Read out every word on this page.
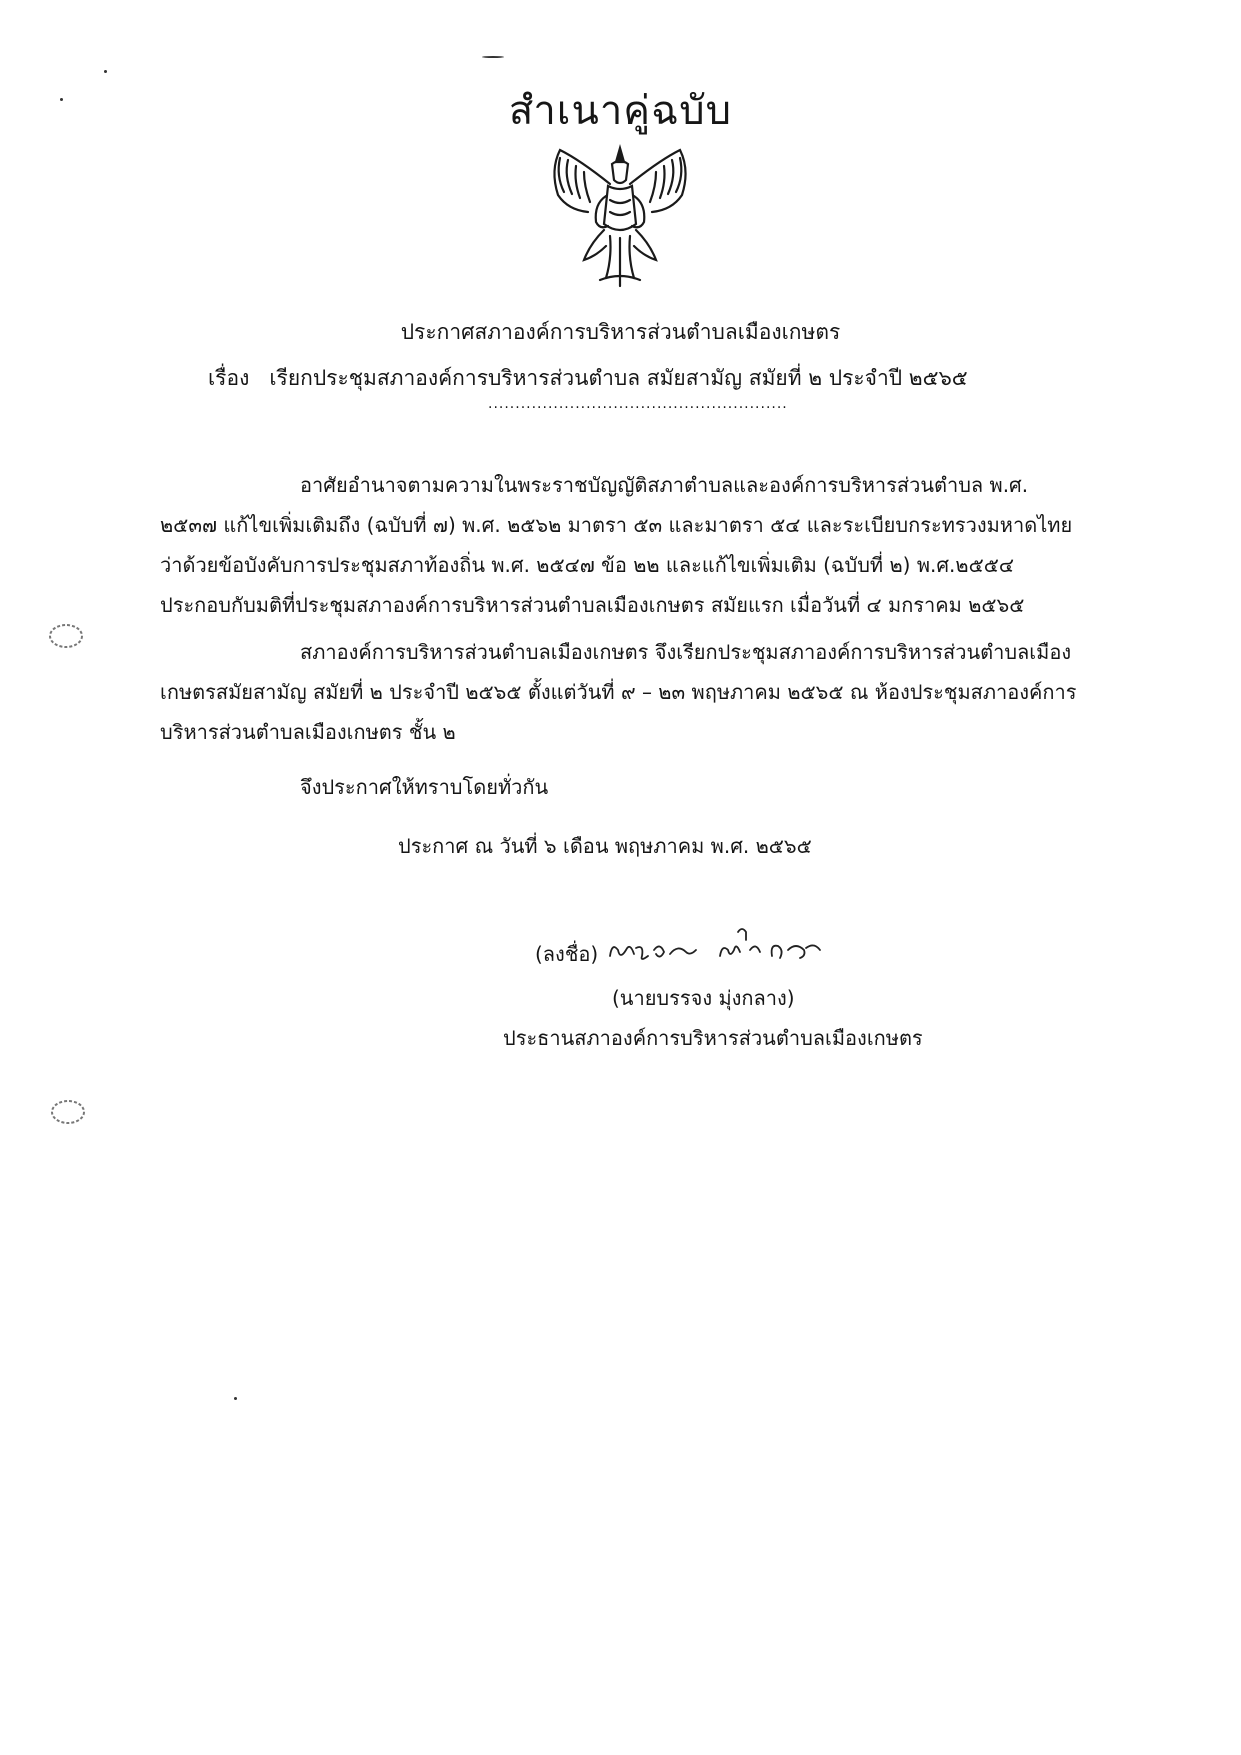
สำเนาคู่ฉบับ
ประกาศสภาองค์การบริหารส่วนตำบลเมืองเกษตร
เรื่อง เรียกประชุมสภาองค์การบริหารส่วนตำบล สมัยสามัญ สมัยที่ ๒ ประจำปี ๒๕๖๕
.......................................................
อาศัยอำนาจตามความในพระราชบัญญัติสภาตำบลและองค์การบริหารส่วนตำบล พ.ศ. ๒๕๓๗ แก้ไขเพิ่มเติมถึง (ฉบับที่ ๗) พ.ศ. ๒๕๖๒ มาตรา ๕๓ และมาตรา ๕๔ และระเบียบกระทรวงมหาดไทยว่าด้วยข้อบังคับการประชุมสภาท้องถิ่น พ.ศ. ๒๕๔๗ ข้อ ๒๒ และแก้ไขเพิ่มเติม (ฉบับที่ ๒) พ.ศ.๒๕๕๔ ประกอบกับมติที่ประชุมสภาองค์การบริหารส่วนตำบลเมืองเกษตร สมัยแรก เมื่อวันที่ ๔ มกราคม ๒๕๖๕
สภาองค์การบริหารส่วนตำบลเมืองเกษตร จึงเรียกประชุมสภาองค์การบริหารส่วนตำบลเมืองเกษตรสมัยสามัญ สมัยที่ ๒ ประจำปี ๒๕๖๕ ตั้งแต่วันที่ ๙ – ๒๓ พฤษภาคม ๒๕๖๕ ณ ห้องประชุมสภาองค์การบริหารส่วนตำบลเมืองเกษตร ชั้น ๒
จึงประกาศให้ทราบโดยทั่วกัน
ประกาศ ณ วันที่ ๖ เดือน พฤษภาคม พ.ศ. ๒๕๖๕
(ลงชื่อ)
(นายบรรจง มุ่งกลาง)
ประธานสภาองค์การบริหารส่วนตำบลเมืองเกษตร
